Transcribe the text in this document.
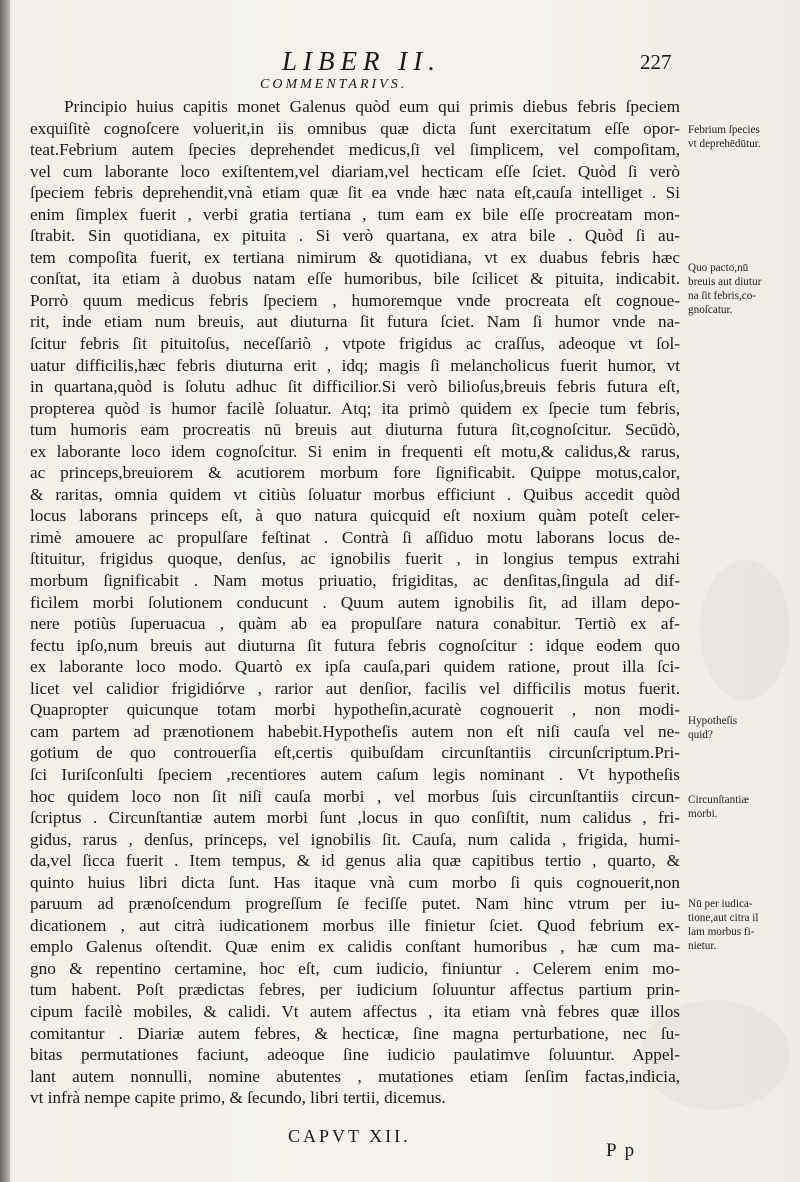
LIBER II.	227
COMMENTARIVS.
Principio huius capitis monet Galenus quòd eum qui primis diebus febris ſpeciem
exquiſitè cognoſcere voluerit,in iis omnibus quæ dicta ſunt exercitatum eſſe opor-
teat.Febrium autem ſpecies deprehendet medicus,ſi vel ſimplicem, vel compoſitam,
vel cum laborante loco exiſtentem,vel diariam,vel hecticam eſſe ſciet. Quòd ſi verò
ſpeciem febris deprehendit,vnà etiam quæ ſit ea vnde hæc nata eſt,cauſa intelliget . Si
enim ſimplex fuerit , verbi gratia tertiana , tum eam ex bile eſſe procreatam mon-
ſtrabit. Sin quotidiana, ex pituita . Si verò quartana, ex atra bile . Quòd ſi au-
tem compoſita fuerit, ex tertiana nimirum & quotidiana, vt ex duabus febris hæc
conſtat, ita etiam à duobus natam eſſe humoribus, bile ſcilicet & pituita, indicabit.
Porrò quum medicus febris ſpeciem , humoremque vnde procreata eſt cognoue-
rit, inde etiam num breuis, aut diuturna ſit futura ſciet. Nam ſi humor vnde na-
ſcitur febris ſit pituitoſus, neceſſariò , vtpote frigidus ac craſſus, adeoque vt ſol-
uatur difficilis,hæc febris diuturna erit , idq; magis ſi melancholicus fuerit humor, vt
in quartana,quòd is ſolutu adhuc ſit difficilior.Si verò bilioſus,breuis febris futura eſt,
propterea quòd is humor facilè ſoluatur. Atq; ita primò quidem ex ſpecie tum febris,
tum humoris eam procreatis nū breuis aut diuturna futura ſit,cognoſcitur. Secūdò,
ex laborante loco idem cognoſcitur. Si enim in frequenti eſt motu,& calidus,& rarus,
ac princeps,breuiorem & acutiorem morbum fore ſignificabit. Quippe motus,calor,
& raritas, omnia quidem vt citiùs ſoluatur morbus efficiunt . Quibus accedit quòd
locus laborans princeps eſt, à quo natura quicquid eſt noxium quàm poteſt celer-
rimè amouere ac propulſare feſtinat . Contrà ſi aſſiduo motu laborans locus de-
ſtituitur, frigidus quoque, denſus, ac ignobilis fuerit , in longius tempus extrahi
morbum ſignificabit . Nam motus priuatio, frigiditas, ac denſitas,ſingula ad dif-
ficilem morbi ſolutionem conducunt . Quum autem ignobilis ſit, ad illam depo-
nere potiùs ſuperuacua , quàm ab ea propulſare natura conabitur. Tertiò ex af-
fectu ipſo,num breuis aut diuturna ſit futura febris cognoſcitur : idque eodem quo
ex laborante loco modo. Quartò ex ipſa cauſa,pari quidem ratione, prout illa ſci-
licet vel calidior frigidiórve , rarior aut denſior, facilis vel difficilis motus fuerit.
Quapropter quicunque totam morbi hypotheſin,acuratè cognouerit , non modi-
cam partem ad prænotionem habebit.Hypotheſis autem non eſt niſi cauſa vel ne-
gotium de quo controuerſia eſt,certis quibuſdam circunſtantiis circunſcriptum.Pri-
ſci Iuriſconſulti ſpeciem ,recentiores autem caſum legis nominant . Vt hypotheſis
hoc quidem loco non ſit niſi cauſa morbi , vel morbus ſuis circunſtantiis circun-
ſcriptus . Circunſtantiæ autem morbi ſunt ,locus in quo conſiſtit, num calidus , fri-
gidus, rarus , denſus, princeps, vel ignobilis ſit. Cauſa, num calida , frigida, humi-
da,vel ſicca fuerit . Item tempus, & id genus alia quæ capitibus tertio , quarto, &
quinto huius libri dicta ſunt. Has itaque vnà cum morbo ſi quis cognouerit,non
paruum ad prænoſcendum progreſſum ſe feciſſe putet. Nam hinc vtrum per iu-
dicationem , aut citrà iudicationem morbus ille finietur ſciet. Quod febrium ex-
emplo Galenus oſtendit. Quæ enim ex calidis conſtant humoribus , hæ cum ma-
gno & repentino certamine, hoc eſt, cum iudicio, finiuntur . Celerem enim mo-
tum habent. Poſt prædictas febres, per iudicium ſoluuntur affectus partium prin-
cipum facilè mobiles, & calidi. Vt autem affectus , ita etiam vnà febres quæ illos
comitantur . Diariæ autem febres, & hecticæ, ſine magna perturbatione, nec ſu-
bitas permutationes faciunt, adeoque ſine iudicio paulatimve ſoluuntur. Appel-
lant autem nonnulli, nomine abutentes , mutationes etiam ſenſim factas,indicia,
vt infrà nempe capite primo, & ſecundo, libri tertii, dicemus.
Febrium ſpecies
vt deprehēdūtur.
Quo pacto,nū
breuis aut diutur
na ſit febris,co-
gnoſcatur.
Hypotheſis
quid?
Circunſtantiæ
morbi.
Nū per iudica-
tione,aut citra il
lam morbus fi-
nietur.
CAPVT XII.
P p
